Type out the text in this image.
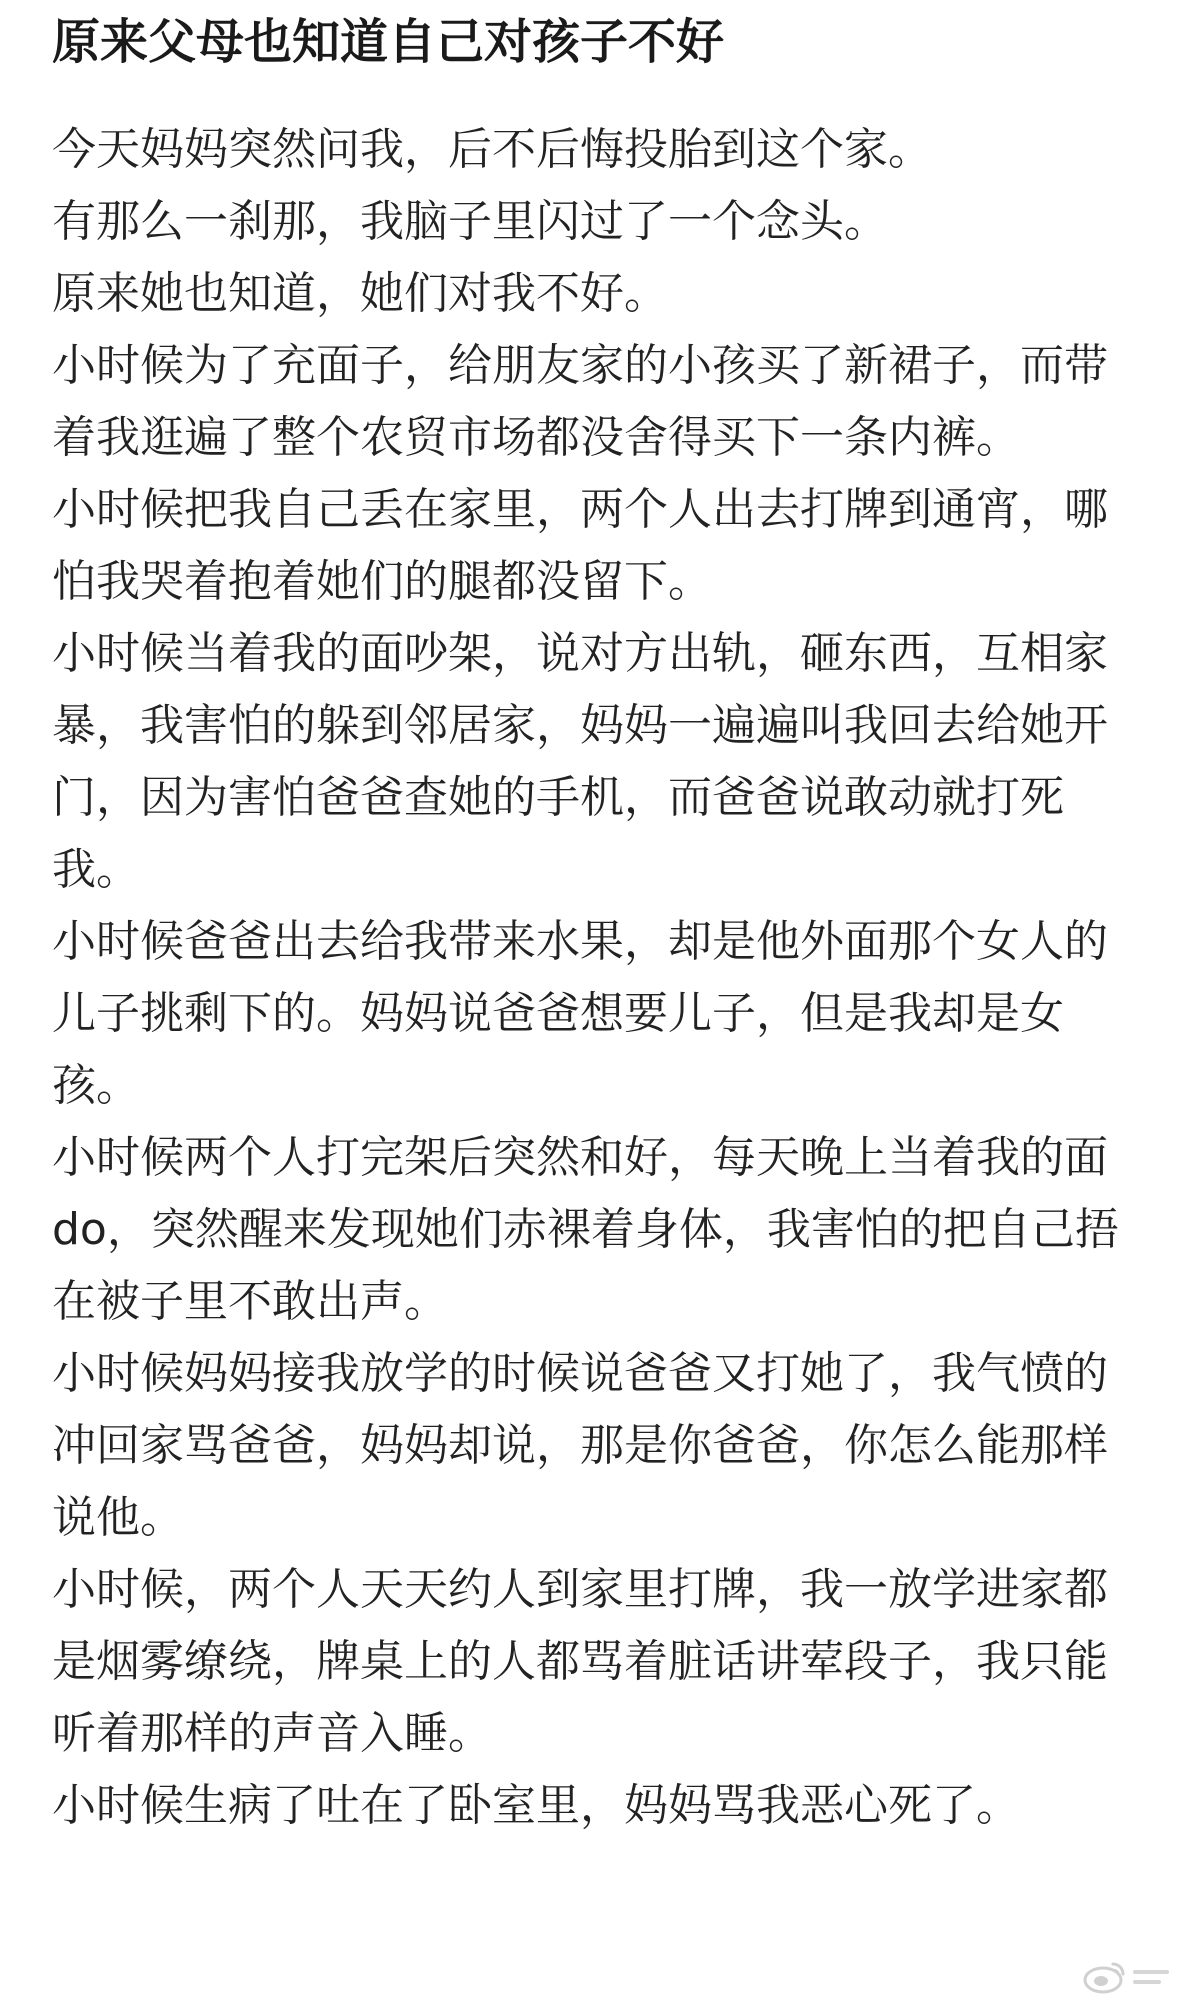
原来父母也知道自己对孩子不好

今天妈妈突然问我，后不后悔投胎到这个家。

有那么一刹那，我脑子里闪过了一个念头。

原来她也知道，她们对我不好。

小时候为了充面子，给朋友家的小孩买了新裙子，而带着我逛遍了整个农贸市场都没舍得买下一条内裤。

小时候把我自己丢在家里，两个人出去打牌到通宵，哪怕我哭着抱着她们的腿都没留下。

小时候当着我的面吵架，说对方出轨，砸东西，互相家暴，我害怕的躲到邻居家，妈妈一遍遍叫我回去给她开门，因为害怕爸爸查她的手机，而爸爸说敢动就打死我。

小时候爸爸出去给我带来水果，却是他外面那个女人的儿子挑剩下的。妈妈说爸爸想要儿子，但是我却是女孩。

小时候两个人打完架后突然和好，每天晚上当着我的面do，突然醒来发现她们赤裸着身体，我害怕的把自己捂在被子里不敢出声。

小时候妈妈接我放学的时候说爸爸又打她了，我气愤的冲回家骂爸爸，妈妈却说，那是你爸爸，你怎么能那样说他。

小时候，两个人天天约人到家里打牌，我一放学进家都是烟雾缭绕，牌桌上的人都骂着脏话讲荤段子，我只能听着那样的声音入睡。

小时候生病了吐在了卧室里，妈妈骂我恶心死了。
